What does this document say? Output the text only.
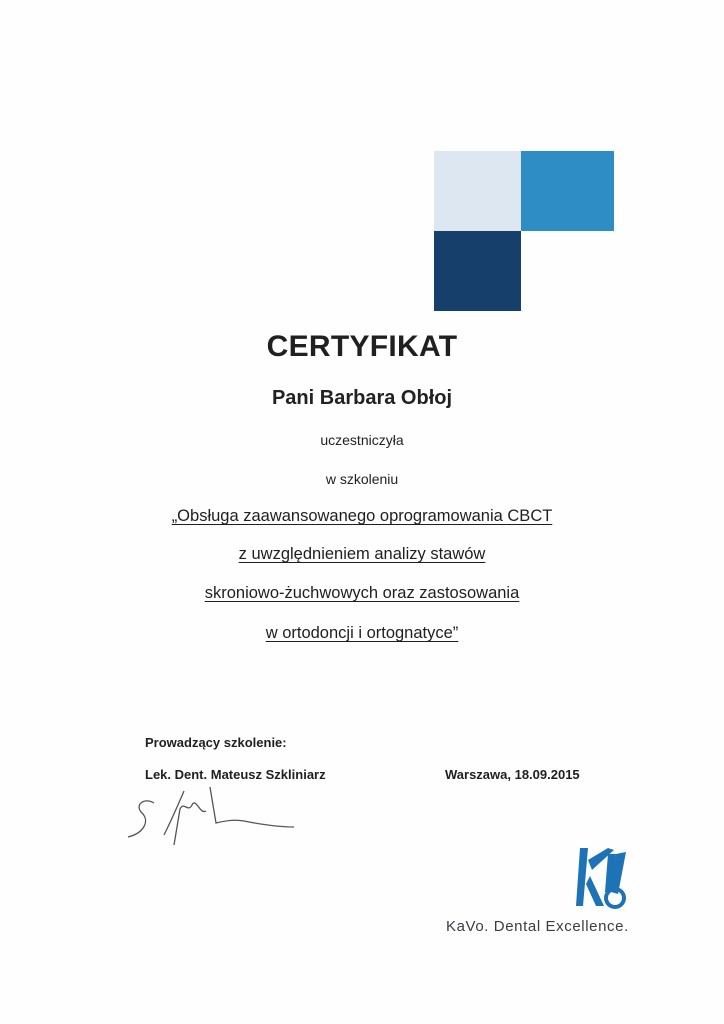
CERTYFIKAT
Pani Barbara Obłoj
uczestniczyła
w szkoleniu
„Obsługa zaawansowanego oprogramowania CBCT
z uwzględnieniem analizy stawów
skroniowo-żuchwowych oraz zastosowania
w ortodoncji i ortognatyce”
Prowadzący szkolenie:
Lek. Dent. Mateusz Szkliniarz	Warszawa, 18.09.2015
KaVo. Dental Excellence.
